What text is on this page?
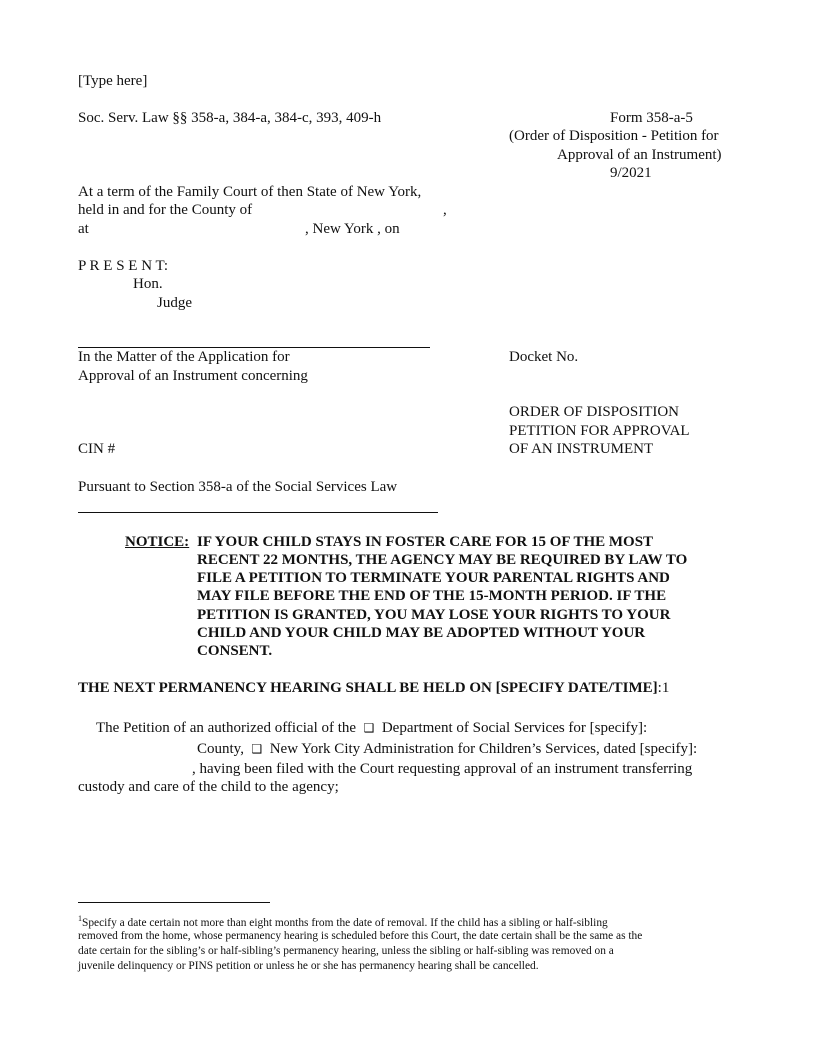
[Type here]
Soc. Serv. Law §§ 358-a, 384-a, 384-c, 393, 409-h	Form 358-a-5
(Order of Disposition - Petition for
Approval of an Instrument)
9/2021
At a term of the Family Court of then State of New York,
held in and for the County of	,
at	, New York , on
P R E S E N T:
Hon.
Judge
In the Matter of the Application for
Approval of an Instrument concerning
Docket No.
ORDER OF DISPOSITION
PETITION FOR APPROVAL
OF AN INSTRUMENT
CIN #
Pursuant to Section 358-a of the Social Services Law
NOTICE: IF YOUR CHILD STAYS IN FOSTER CARE FOR 15 OF THE MOST
RECENT 22 MONTHS, THE AGENCY MAY BE REQUIRED BY LAW TO
FILE A PETITION TO TERMINATE YOUR PARENTAL RIGHTS AND
MAY FILE BEFORE THE END OF THE 15-MONTH PERIOD. IF THE
PETITION IS GRANTED, YOU MAY LOSE YOUR RIGHTS TO YOUR
CHILD AND YOUR CHILD MAY BE ADOPTED WITHOUT YOUR
CONSENT.
THE NEXT PERMANENCY HEARING SHALL BE HELD ON [SPECIFY DATE/TIME]:1
The Petition of an authorized official of the ❑ Department of Social Services for [specify]:
County, ❑ New York City Administration for Children’s Services, dated [specify]:
, having been filed with the Court requesting approval of an instrument transferring
custody and care of the child to the agency;
$^1$Specify a date certain not more than eight months from the date of removal. If the child has a sibling or half-sibling
removed from the home, whose permanency hearing is scheduled before this Court, the date certain shall be the same as the
date certain for the sibling’s or half-sibling’s permanency hearing, unless the sibling or half-sibling was removed on a
juvenile delinquency or PINS petition or unless he or she has permanency hearing shall be cancelled.
